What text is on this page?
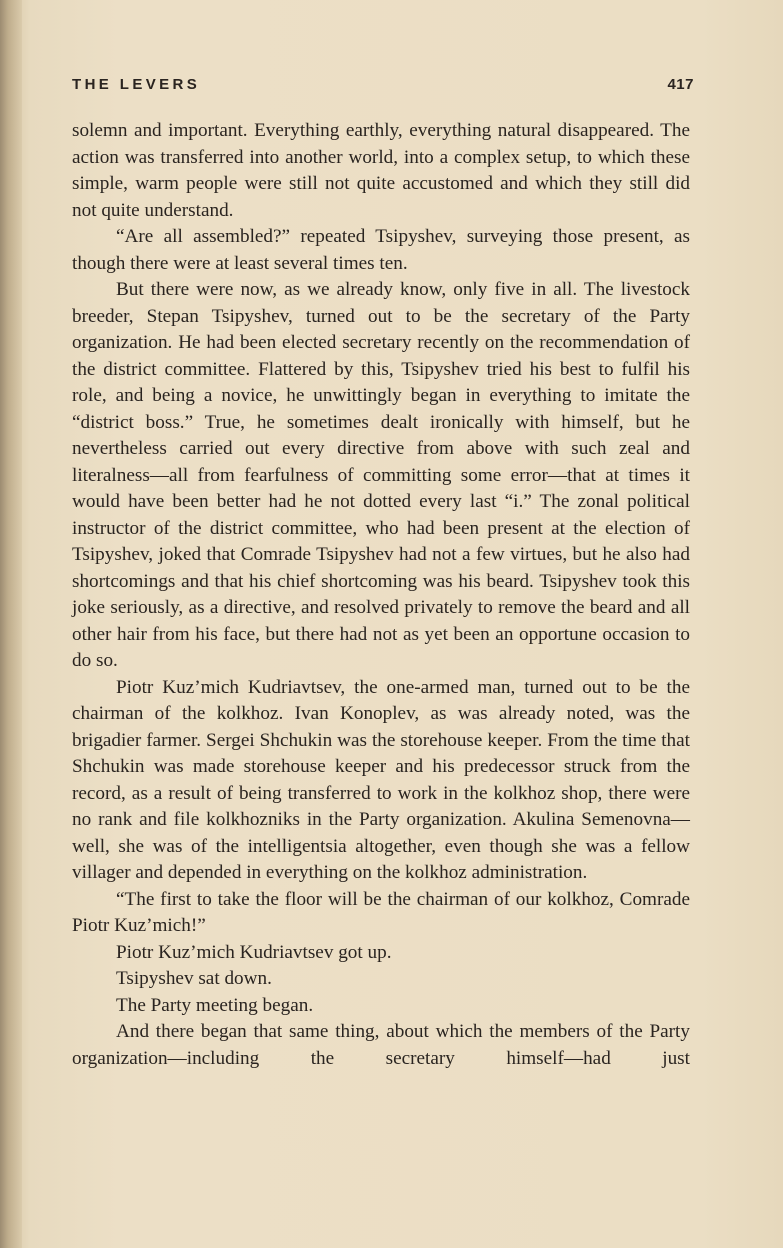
THE LEVERS	417

solemn and important. Everything earthly, everything natural disappeared. The action was transferred into another world, into a complex setup, to which these simple, warm people were still not quite accustomed and which they still did not quite understand.

“Are all assembled?” repeated Tsipyshev, surveying those present, as though there were at least several times ten.

But there were now, as we already know, only five in all. The livestock breeder, Stepan Tsipyshev, turned out to be the secretary of the Party organization. He had been elected secretary recently on the recommendation of the district committee. Flattered by this, Tsipyshev tried his best to fulfil his role, and being a novice, he unwittingly began in everything to imitate the “district boss.” True, he sometimes dealt ironically with himself, but he nevertheless carried out every directive from above with such zeal and literalness—all from fearfulness of committing some error—that at times it would have been better had he not dotted every last “i.” The zonal political instructor of the district committee, who had been present at the election of Tsipyshev, joked that Comrade Tsipyshev had not a few virtues, but he also had shortcomings and that his chief shortcoming was his beard. Tsipyshev took this joke seriously, as a directive, and resolved privately to remove the beard and all other hair from his face, but there had not as yet been an opportune occasion to do so.

Piotr Kuz’mich Kudriavtsev, the one-armed man, turned out to be the chairman of the kolkhoz. Ivan Konoplev, as was already noted, was the brigadier farmer. Sergei Shchukin was the storehouse keeper. From the time that Shchukin was made storehouse keeper and his predecessor struck from the record, as a result of being transferred to work in the kolkhoz shop, there were no rank and file kolkhozniks in the Party organization. Akulina Semenovna—well, she was of the intelligentsia altogether, even though she was a fellow villager and depended in everything on the kolkhoz administration.

“The first to take the floor will be the chairman of our kolkhoz, Comrade Piotr Kuz’mich!”

Piotr Kuz’mich Kudriavtsev got up.

Tsipyshev sat down.

The Party meeting began.

And there began that same thing, about which the members of the Party organization—including the secretary himself—had just
